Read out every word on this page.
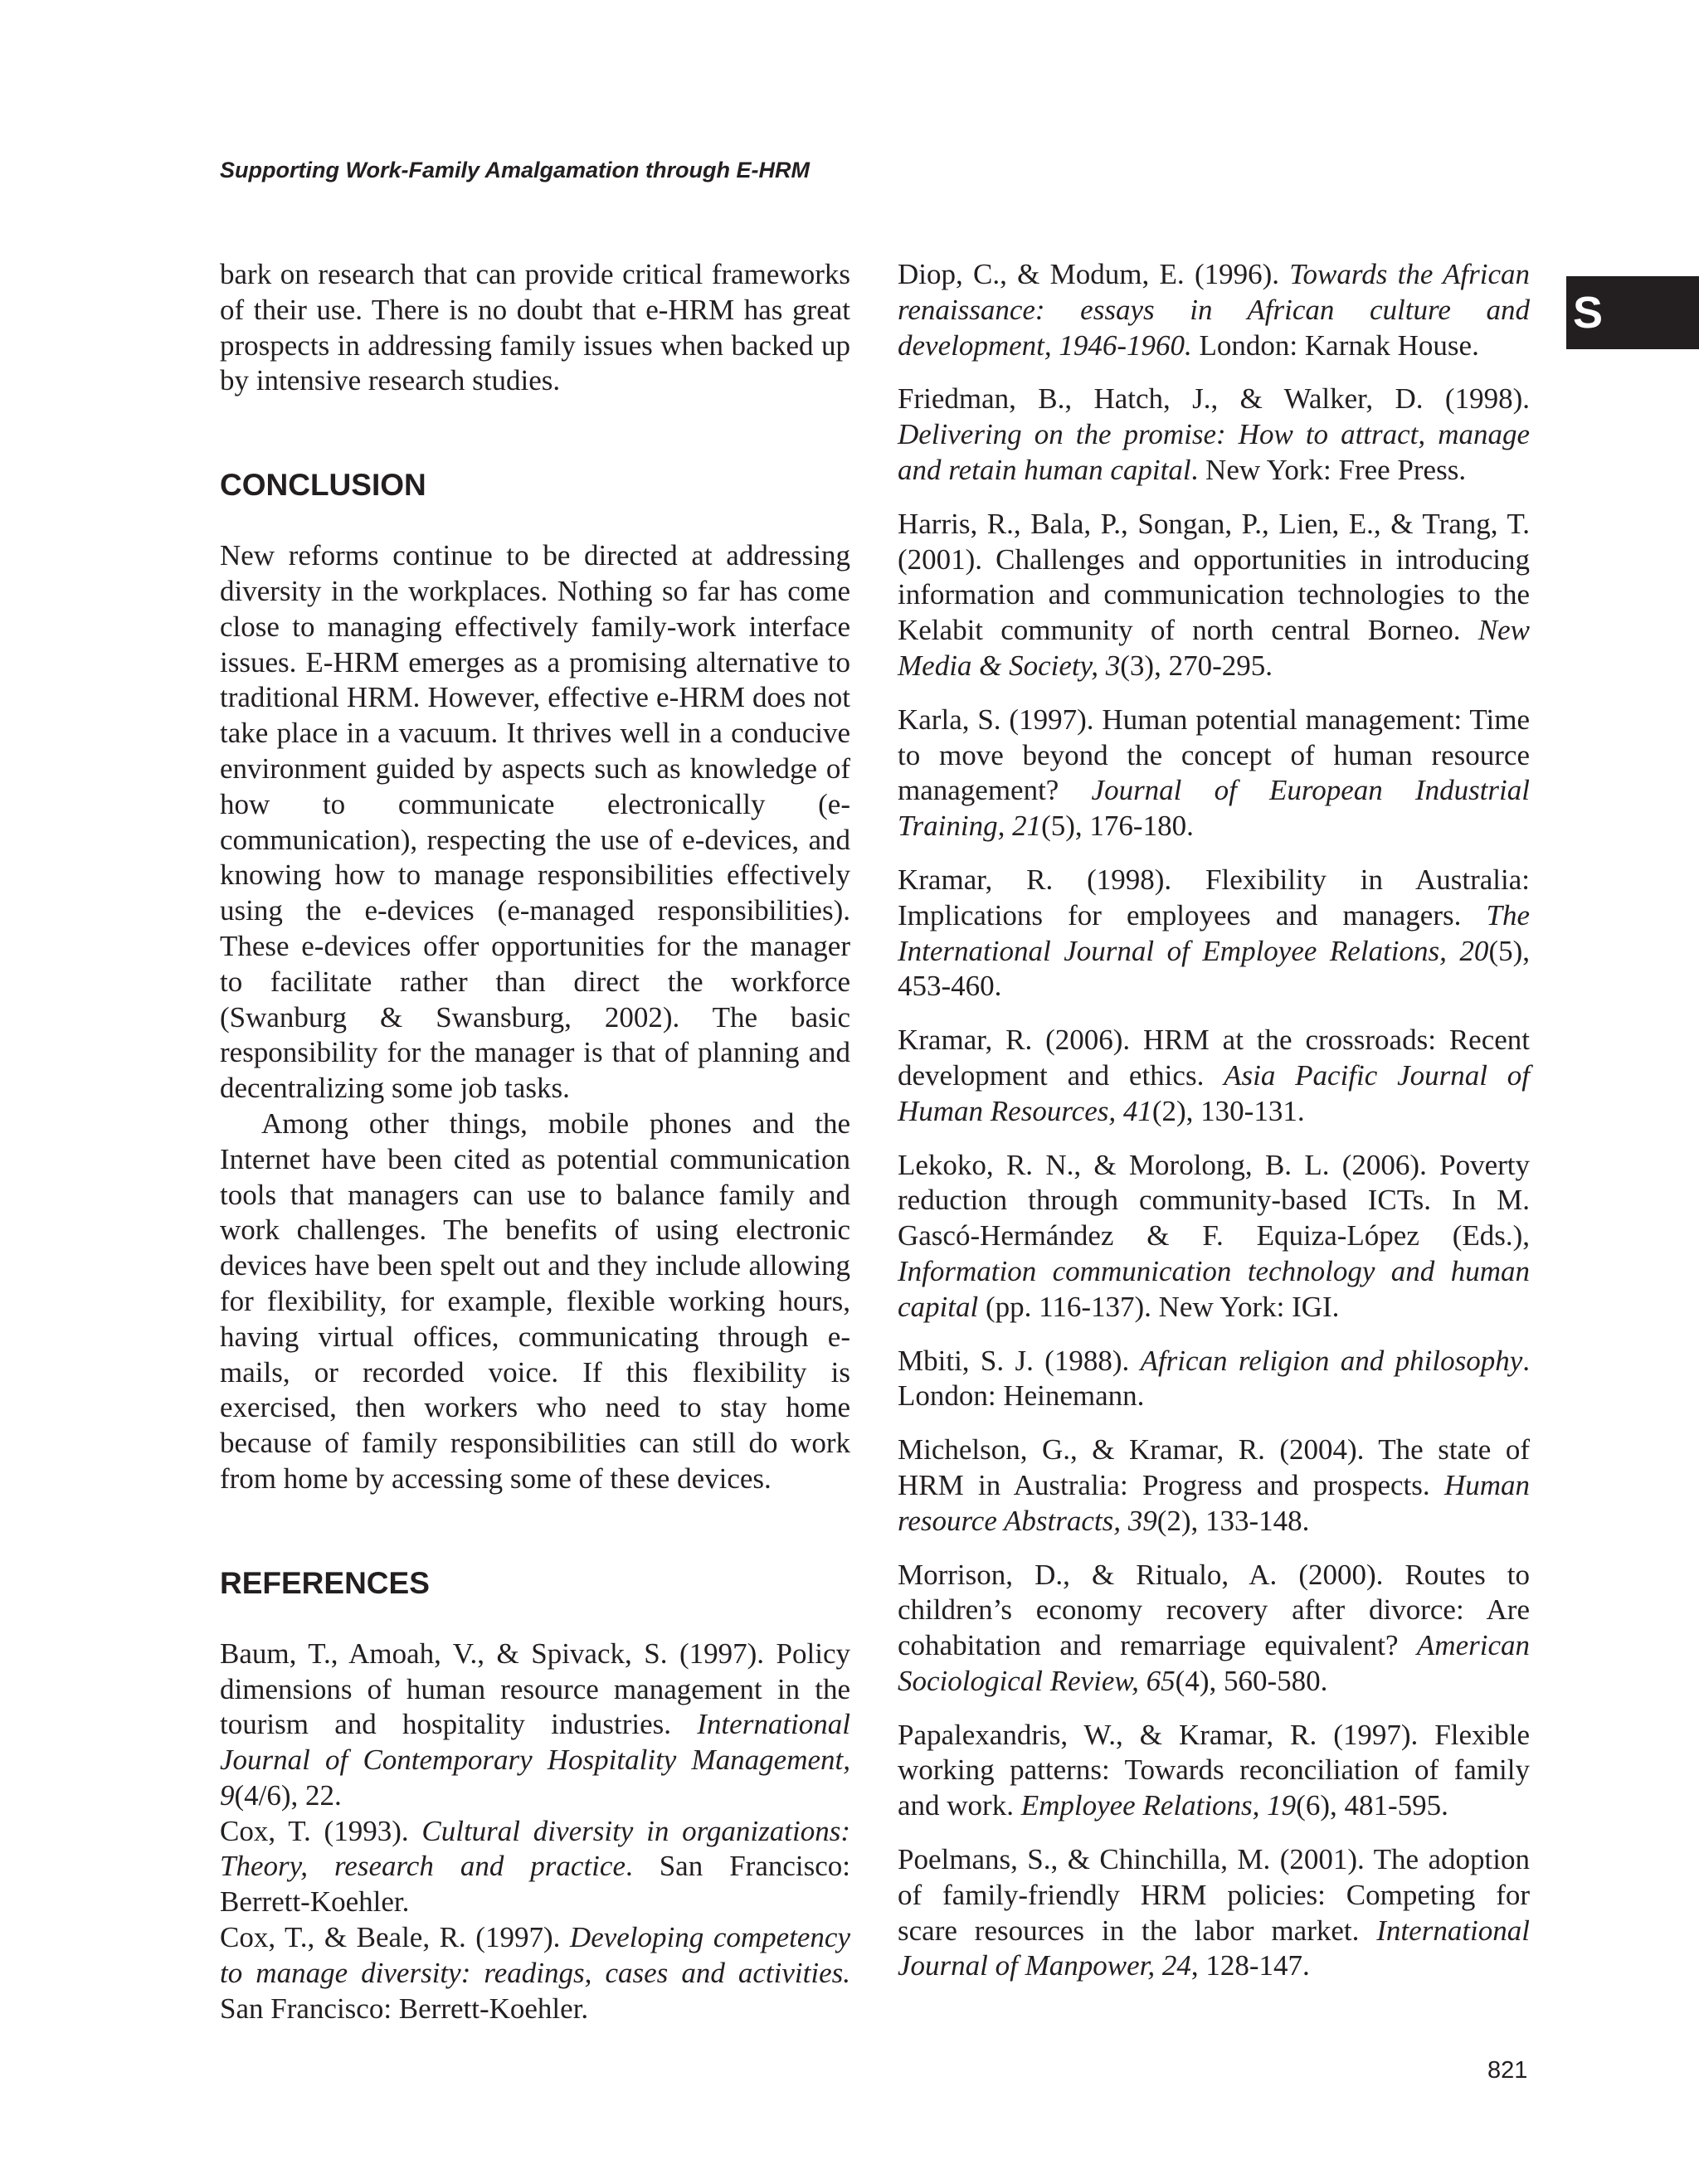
Supporting Work-Family Amalgamation through E-HRM
S

bark on research that can provide critical frameworks of their use. There is no doubt that e-HRM has great prospects in addressing family issues when backed up by intensive research studies.

CONCLUSION

New reforms continue to be directed at addressing diversity in the workplaces. Nothing so far has come close to managing effectively family-work interface issues. E-HRM emerges as a promising alternative to traditional HRM. However, effective e-HRM does not take place in a vacuum. It thrives well in a conducive environment guided by aspects such as knowledge of how to communicate electronically (e-communication), respecting the use of e-devices, and knowing how to manage responsibilities effectively using the e-devices (e-managed responsibilities). These e-devices offer opportunities for the manager to facilitate rather than direct the workforce (Swanburg & Swansburg, 2002). The basic responsibility for the manager is that of planning and decentralizing some job tasks.

Among other things, mobile phones and the Internet have been cited as potential communication tools that managers can use to balance family and work challenges. The benefits of using electronic devices have been spelt out and they include allowing for flexibility, for example, flexible working hours, having virtual offices, communicating through e-mails, or recorded voice. If this flexibility is exercised, then workers who need to stay home because of family responsibilities can still do work from home by accessing some of these devices.

REFERENCES

Baum, T., Amoah, V., & Spivack, S. (1997). Policy dimensions of human resource management in the tourism and hospitality industries. International Journal of Contemporary Hospitality Management, 9(4/6), 22.

Cox, T. (1993). Cultural diversity in organizations: Theory, research and practice. San Francisco: Berrett-Koehler.

Cox, T., & Beale, R. (1997). Developing competency to manage diversity: readings, cases and activities. San Francisco: Berrett-Koehler.

Diop, C., & Modum, E. (1996). Towards the African renaissance: essays in African culture and development, 1946-1960. London: Karnak House.

Friedman, B., Hatch, J., & Walker, D. (1998). Delivering on the promise: How to attract, manage and retain human capital. New York: Free Press.

Harris, R., Bala, P., Songan, P., Lien, E., & Trang, T. (2001). Challenges and opportunities in introducing information and communication technologies to the Kelabit community of north central Borneo. New Media & Society, 3(3), 270-295.

Karla, S. (1997). Human potential management: Time to move beyond the concept of human resource management? Journal of European Industrial Training, 21(5), 176-180.

Kramar, R. (1998). Flexibility in Australia: Implications for employees and managers. The International Journal of Employee Relations, 20(5), 453-460.

Kramar, R. (2006). HRM at the crossroads: Recent development and ethics. Asia Pacific Journal of Human Resources, 41(2), 130-131.

Lekoko, R. N., & Morolong, B. L. (2006). Poverty reduction through community-based ICTs. In M. Gascó-Hermández & F. Equiza-López (Eds.), Information communication technology and human capital (pp. 116-137). New York: IGI.

Mbiti, S. J. (1988). African religion and philosophy. London: Heinemann.

Michelson, G., & Kramar, R. (2004). The state of HRM in Australia: Progress and prospects. Human resource Abstracts, 39(2), 133-148.

Morrison, D., & Ritualo, A. (2000). Routes to children’s economy recovery after divorce: Are cohabitation and remarriage equivalent? American Sociological Review, 65(4), 560-580.

Papalexandris, W., & Kramar, R. (1997). Flexible working patterns: Towards reconciliation of family and work. Employee Relations, 19(6), 481-595.

Poelmans, S., & Chinchilla, M. (2001). The adoption of family-friendly HRM policies: Competing for scare resources in the labor market. International Journal of Manpower, 24, 128-147.

821
